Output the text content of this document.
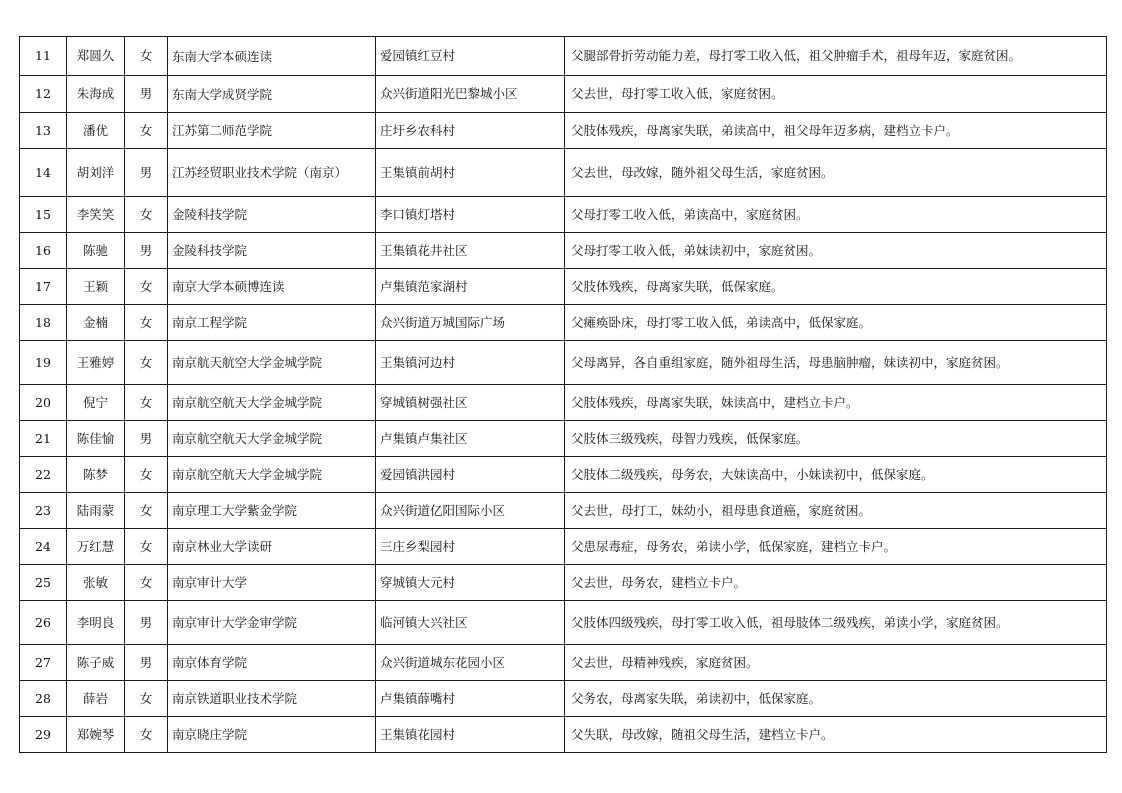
11	郑圆久	女	东南大学本硕连读	爱园镇红豆村	父腿部骨折劳动能力差，母打零工收入低，祖父肿瘤手术，祖母年迈，家庭贫困。
12	朱海成	男	东南大学成贤学院	众兴街道阳光巴黎城小区	父去世，母打零工收入低，家庭贫困。
13	潘优	女	江苏第二师范学院	庄圩乡农科村	父肢体残疾，母离家失联，弟读高中，祖父母年迈多病，建档立卡户。
14	胡刘洋	男	江苏经贸职业技术学院（南京）	王集镇前胡村	父去世，母改嫁，随外祖父母生活，家庭贫困。
15	李笑笑	女	金陵科技学院	李口镇灯塔村	父母打零工收入低，弟读高中，家庭贫困。
16	陈驰	男	金陵科技学院	王集镇花井社区	父母打零工收入低，弟妹读初中，家庭贫困。
17	王颖	女	南京大学本硕博连读	卢集镇范家湖村	父肢体残疾，母离家失联，低保家庭。
18	金楠	女	南京工程学院	众兴街道万城国际广场	父瘫痪卧床，母打零工收入低，弟读高中，低保家庭。
19	王雅婷	女	南京航天航空大学金城学院	王集镇河边村	父母离异，各自重组家庭，随外祖母生活，母患脑肿瘤，妹读初中，家庭贫困。
20	倪宁	女	南京航空航天大学金城学院	穿城镇树强社区	父肢体残疾，母离家失联，妹读高中，建档立卡户。
21	陈佳愉	男	南京航空航天大学金城学院	卢集镇卢集社区	父肢体三级残疾，母智力残疾，低保家庭。
22	陈梦	女	南京航空航天大学金城学院	爱园镇洪园村	父肢体二级残疾，母务农，大妹读高中，小妹读初中，低保家庭。
23	陆雨蒙	女	南京理工大学紫金学院	众兴街道亿阳国际小区	父去世，母打工，妹幼小，祖母患食道癌，家庭贫困。
24	万红慧	女	南京林业大学读研	三庄乡梨园村	父患尿毒症，母务农，弟读小学，低保家庭，建档立卡户。
25	张敏	女	南京审计大学	穿城镇大元村	父去世，母务农，建档立卡户。
26	李明良	男	南京审计大学金审学院	临河镇大兴社区	父肢体四级残疾，母打零工收入低，祖母肢体二级残疾，弟读小学，家庭贫困。
27	陈子威	男	南京体育学院	众兴街道城东花园小区	父去世，母精神残疾，家庭贫困。
28	薛岩	女	南京铁道职业技术学院	卢集镇薛嘴村	父务农，母离家失联，弟读初中，低保家庭。
29	郑婉琴	女	南京晓庄学院	王集镇花园村	父失联，母改嫁，随祖父母生活，建档立卡户。
